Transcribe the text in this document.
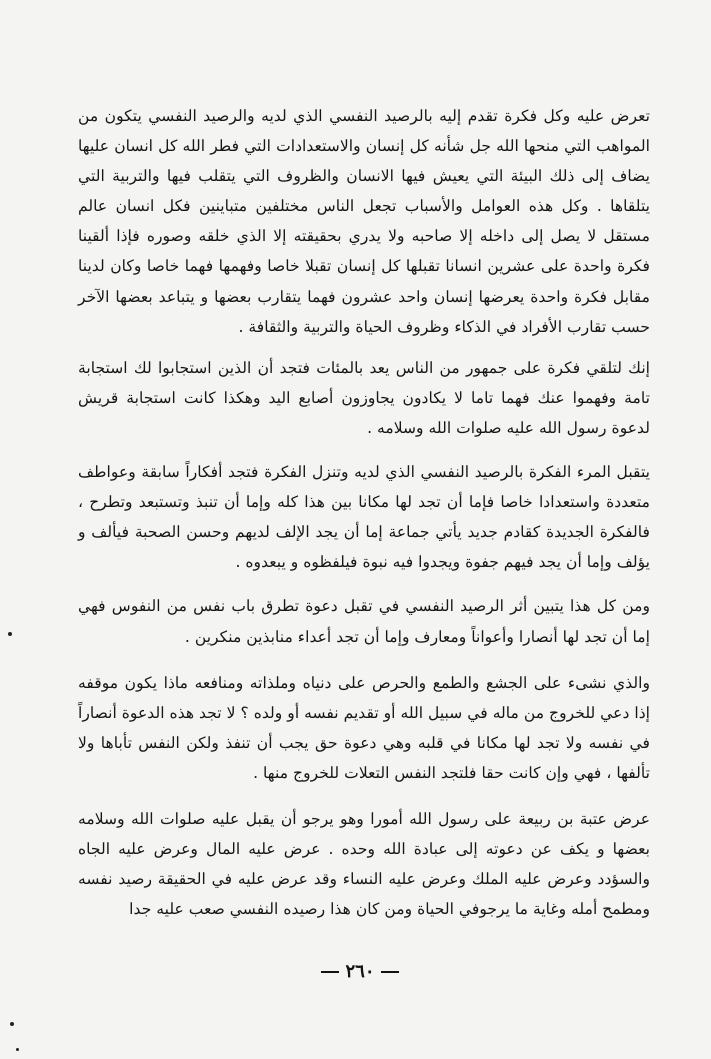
تعرض عليه وكل فكرة تقدم إليه بالرصيد النفسي الذي لديه والرصيد النفسي يتكون من المواهب التي منحها الله جل شأنه كل إنسان والاستعدادات التي فطر الله كل انسان عليها يضاف إلى ذلك البيئة التي يعيش فيها الانسان والظروف التي يتقلب فيها والتربية التي يتلقاها . وكل هذه العوامل والأسباب تجعل الناس مختلفين متباينين فكل انسان عالم مستقل لا يصل إلى داخله إلا صاحبه ولا يدري بحقيقته إلا الذي خلقه وصوره فإذا ألقينا فكرة واحدة على عشرين انسانا تقبلها كل إنسان تقبلا خاصا وفهمها فهما خاصا وكان لدينا مقابل فكرة واحدة يعرضها إنسان واحد عشرون فهما يتقارب بعضها و يتباعد بعضها الآخر حسب تقارب الأفراد في الذكاء وظروف الحياة والتربية والثقافة .

إنك لتلقي فكرة على جمهور من الناس يعد بالمئات فتجد أن الذين استجابوا لك استجابة تامة وفهموا عنك فهما تاما لا يكادون يجاوزون أصابع اليد وهكذا كانت استجابة قريش لدعوة رسول الله عليه صلوات الله وسلامه .

يتقبل المرء الفكرة بالرصيد النفسي الذي لديه وتنزل الفكرة فتجد أفكاراً سابقة وعواطف متعددة واستعدادا خاصا فإما أن تجد لها مكانا بين هذا كله وإما أن تنبذ وتستبعد وتطرح ، فالفكرة الجديدة كقادم جديد يأتي جماعة إما أن يجد الإلف لديهم وحسن الصحبة فيألف و يؤلف وإما أن يجد فيهم جفوة ويجدوا فيه نبوة فيلفظوه و يبعدوه .

ومن كل هذا يتبين أثر الرصيد النفسي في تقبل دعوة تطرق باب نفس من النفوس فهي إما أن تجد لها أنصارا وأعواناً ومعارف وإما أن تجد أعداء منابذين منكرين .

والذي نشىء على الجشع والطمع والحرص على دنياه وملذاته ومنافعه ماذا يكون موقفه إذا دعي للخروج من ماله في سبيل الله أو تقديم نفسه أو ولده ؟ لا تجد هذه الدعوة أنصاراً في نفسه ولا تجد لها مكانا في قلبه وهي دعوة حق يجب أن تنفذ ولكن النفس تأباها ولا تألفها ، فهي وإن كانت حقا فلتجد النفس التعلات للخروج منها .

عرض عتبة بن ربيعة على رسول الله أمورا وهو يرجو أن يقبل عليه صلوات الله وسلامه بعضها و يكف عن دعوته إلى عبادة الله وحده . عرض عليه المال وعرض عليه الجاه والسؤدد وعرض عليه الملك وعرض عليه النساء وقد عرض عليه في الحقيقة رصيد نفسه ومطمح أمله وغاية ما يرجوفي الحياة ومن كان هذا رصيده النفسي صعب عليه جدا

٢٦٠
